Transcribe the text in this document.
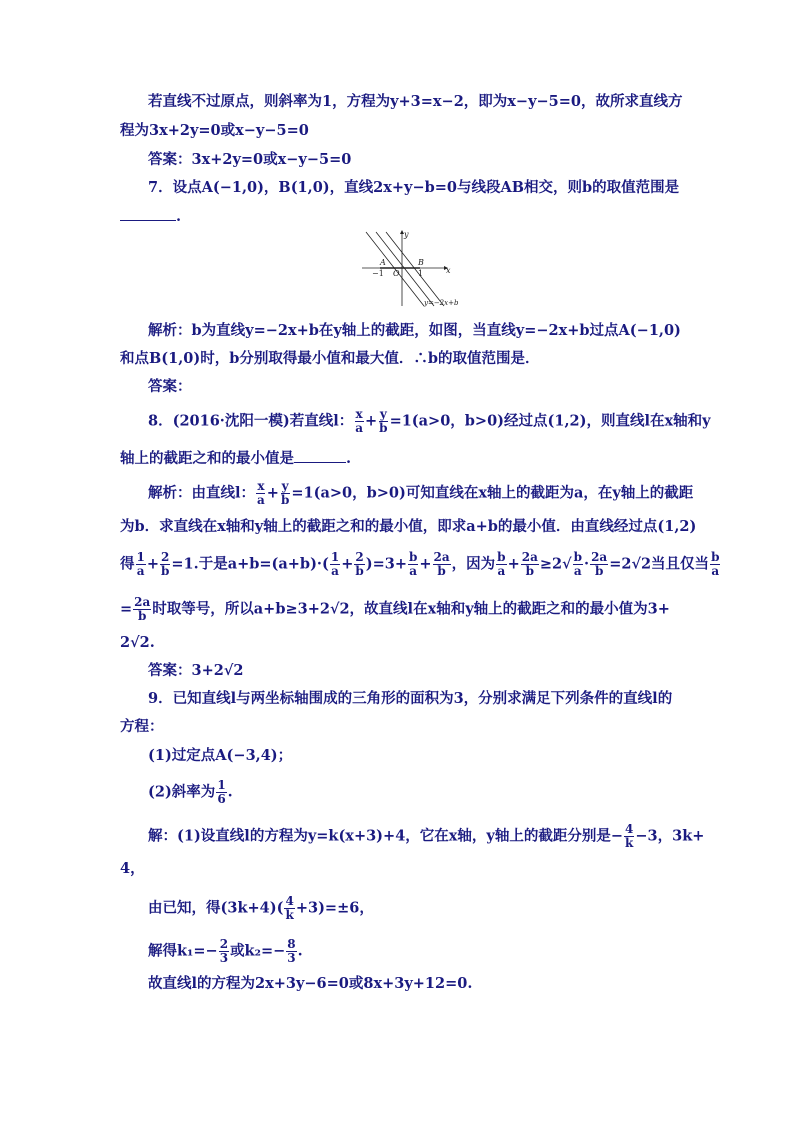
若直线不过原点，则斜率为1，方程为y+3=x−2，即为x−y−5=0，故所求直线方
程为3x+2y=0或x−y−5=0
答案：3x+2y=0或x−y−5=0
7．设点A(−1,0)，B(1,0)，直线2x+y−b=0与线段AB相交，则b的取值范围是
.
y
x
A	B
−1 O 1
y=−2x+b
解析：b为直线y=−2x+b在y轴上的截距，如图，当直线y=−2x+b过点A(−1,0)
和点B(1,0)时，b分别取得最小值和最大值．∴b的取值范围是．
答案：
8．(2016·沈阳一模)若直线l： $\frac{x}{a} + \frac{y}{b} =1(a>0$，b>0)经过点(1,2)，则直线l在x轴和y
轴上的截距之和的最小值是	.
解析：由直线l： $\frac{x}{a} + \frac{y}{b} =1(a>0$，b>0)可知直线在x轴上的截距为a，在y轴上的截距
为b．求直线在x轴和y轴上的截距之和的最小值，即求a+b的最小值．由直线经过点(1,2)
得 $\frac{1}{a} + \frac{2}{b} =1$.于是$a+b=(a+b)\cdot( \frac{1}{a} + \frac{2}{b} )=3+ \frac{b}{a} + \frac{2a}{b}$ ，因为 $\frac{b}{a} + \frac{2a}{b} \ge 2√ \frac{b}{a} \cdot \frac{2a}{b} =2√2$当且仅当 $\frac{b}{a}$
= $\frac{2a}{b}$ 时取等号，所以a+b≥3+2√2，故直线l在x轴和y轴上的截距之和的最小值为3+
2√2.
答案：3+2√2
9．已知直线l与两坐标轴围成的三角形的面积为3，分别求满足下列条件的直线l的
方程：
(1)过定点A(−3,4)；
(2)斜率为 $\frac{1}{6}$ .
解：(1)设直线l的方程为y=k(x+3)+4，它在x轴，y轴上的截距分别是− $\frac{4}{k} -3$，3k+
4，
由已知，得$(3k+4)( \frac{4}{k} +3)=\pm 6$，
解得$k_1=- \frac{2}{3}$ 或$k_2=- \frac{8}{3}$ .
故直线l的方程为2x+3y−6=0或8x+3y+12=0.
